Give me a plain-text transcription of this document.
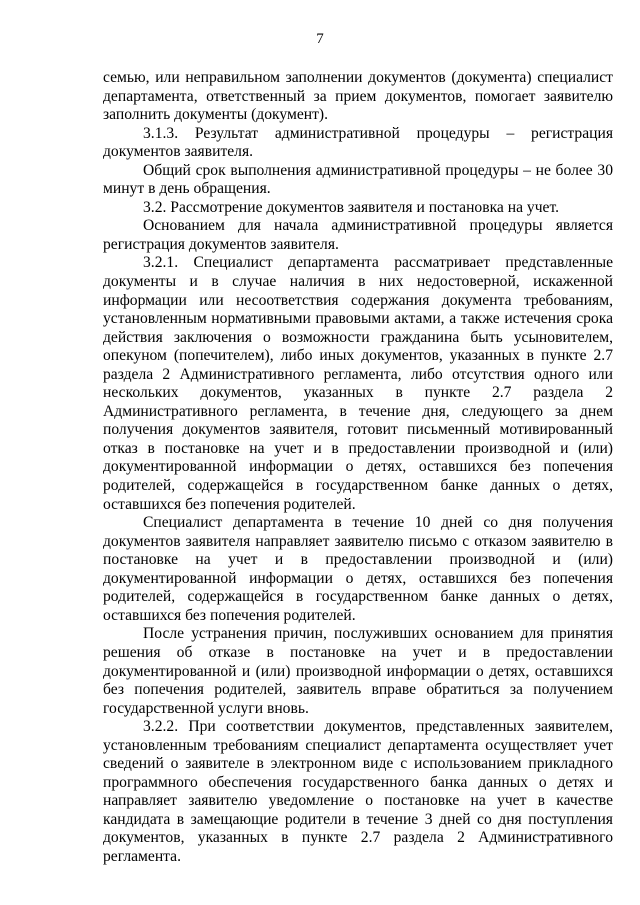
7

семью, или неправильном заполнении документов (документа) специалист департамента, ответственный за прием документов, помогает заявителю заполнить документы (документ).

3.1.3. Результат административной процедуры – регистрация документов заявителя.

Общий срок выполнения административной процедуры – не более 30 минут в день обращения.

3.2. Рассмотрение документов заявителя и постановка на учет.

Основанием для начала административной процедуры является регистрация документов заявителя.

3.2.1. Специалист департамента рассматривает представленные документы и в случае наличия в них недостоверной, искаженной информации или несоответствия содержания документа требованиям, установленным нормативными правовыми актами, а также истечения срока действия заключения о возможности гражданина быть усыновителем, опекуном (попечителем), либо иных документов, указанных в пункте 2.7 раздела 2 Административного регламента, либо отсутствия одного или нескольких документов, указанных в пункте 2.7 раздела 2 Административного регламента, в течение дня, следующего за днем получения документов заявителя, готовит письменный мотивированный отказ в постановке на учет и в предоставлении производной и (или) документированной информации о детях, оставшихся без попечения родителей, содержащейся в государственном банке данных о детях, оставшихся без попечения родителей.

Специалист департамента в течение 10 дней со дня получения документов заявителя направляет заявителю письмо с отказом заявителю в постановке на учет и в предоставлении производной и (или) документированной информации о детях, оставшихся без попечения родителей, содержащейся в государственном банке данных о детях, оставшихся без попечения родителей.

После устранения причин, послуживших основанием для принятия решения об отказе в постановке на учет и в предоставлении документированной и (или) производной информации о детях, оставшихся без попечения родителей, заявитель вправе обратиться за получением государственной услуги вновь.

3.2.2. При соответствии документов, представленных заявителем, установленным требованиям специалист департамента осуществляет учет сведений о заявителе в электронном виде с использованием прикладного программного обеспечения государственного банка данных о детях и направляет заявителю уведомление о постановке на учет в качестве кандидата в замещающие родители в течение 3 дней со дня поступления документов, указанных в пункте 2.7 раздела 2 Административного регламента.
